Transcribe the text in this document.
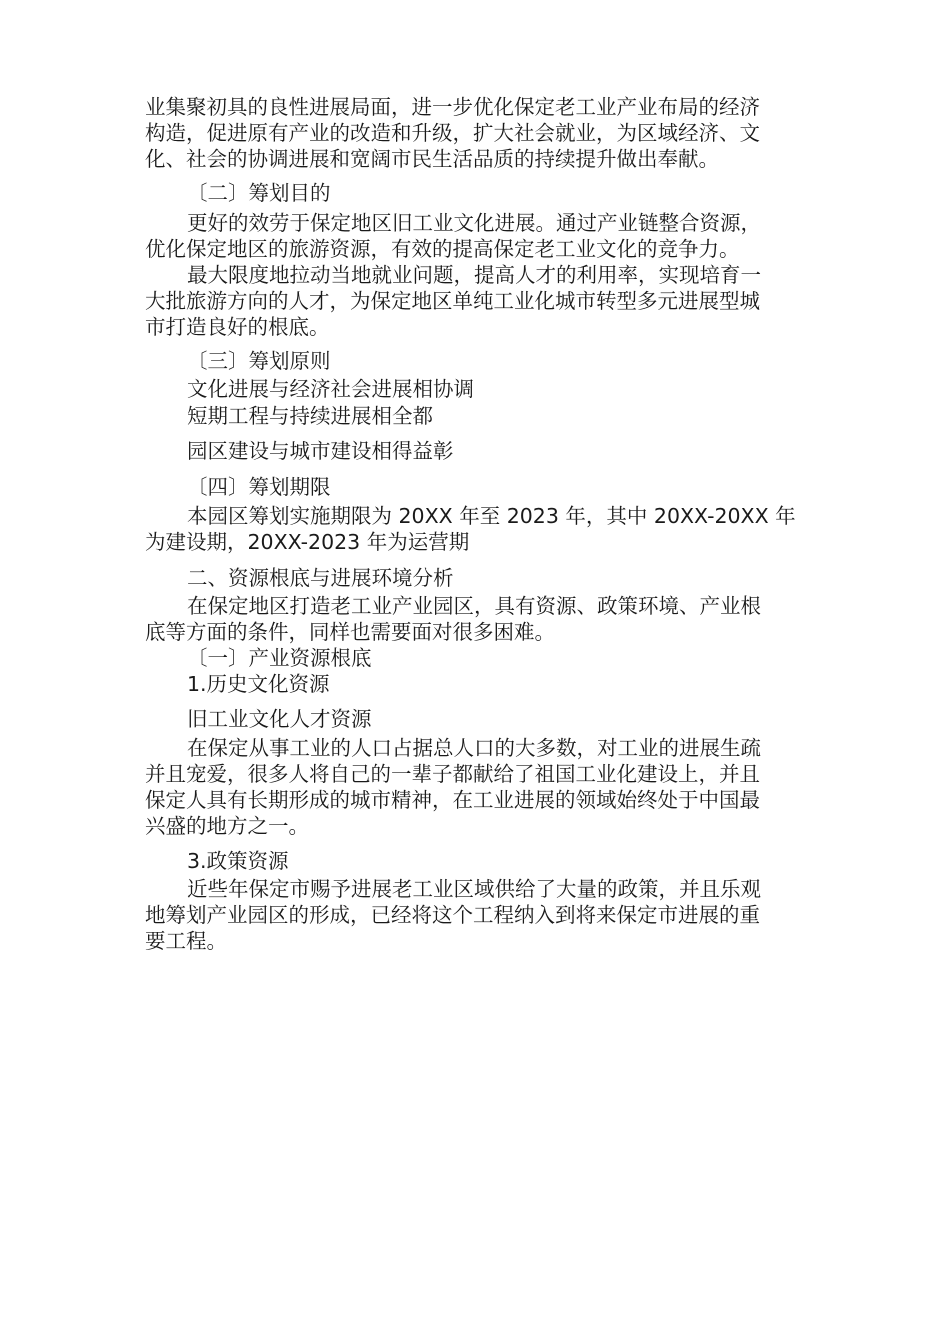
业集聚初具的良性进展局面，进一步优化保定老工业产业布局的经济

构造，促进原有产业的改造和升级，扩大社会就业，为区域经济、文

化、社会的协调进展和宽阔市民生活品质的持续提升做出奉献。

〔二〕筹划目的

更好的效劳于保定地区旧工业文化进展。通过产业链整合资源，

优化保定地区的旅游资源，有效的提高保定老工业文化的竞争力。

最大限度地拉动当地就业问题，提高人才的利用率，实现培育一

大批旅游方向的人才，为保定地区单纯工业化城市转型多元进展型城

市打造良好的根底。

〔三〕筹划原则

文化进展与经济社会进展相协调

短期工程与持续进展相全都

园区建设与城市建设相得益彰

〔四〕筹划期限

本园区筹划实施期限为 20XX 年至 2023 年，其中 20XX-20XX 年

为建设期，20XX-2023 年为运营期

二、资源根底与进展环境分析

在保定地区打造老工业产业园区，具有资源、政策环境、产业根

底等方面的条件，同样也需要面对很多困难。

〔一〕产业资源根底

1.历史文化资源

旧工业文化人才资源

在保定从事工业的人口占据总人口的大多数，对工业的进展生疏

并且宠爱，很多人将自己的一辈子都献给了祖国工业化建设上，并且

保定人具有长期形成的城市精神，在工业进展的领域始终处于中国最

兴盛的地方之一。

3.政策资源

近些年保定市赐予进展老工业区域供给了大量的政策，并且乐观

地筹划产业园区的形成，已经将这个工程纳入到将来保定市进展的重

要工程。
